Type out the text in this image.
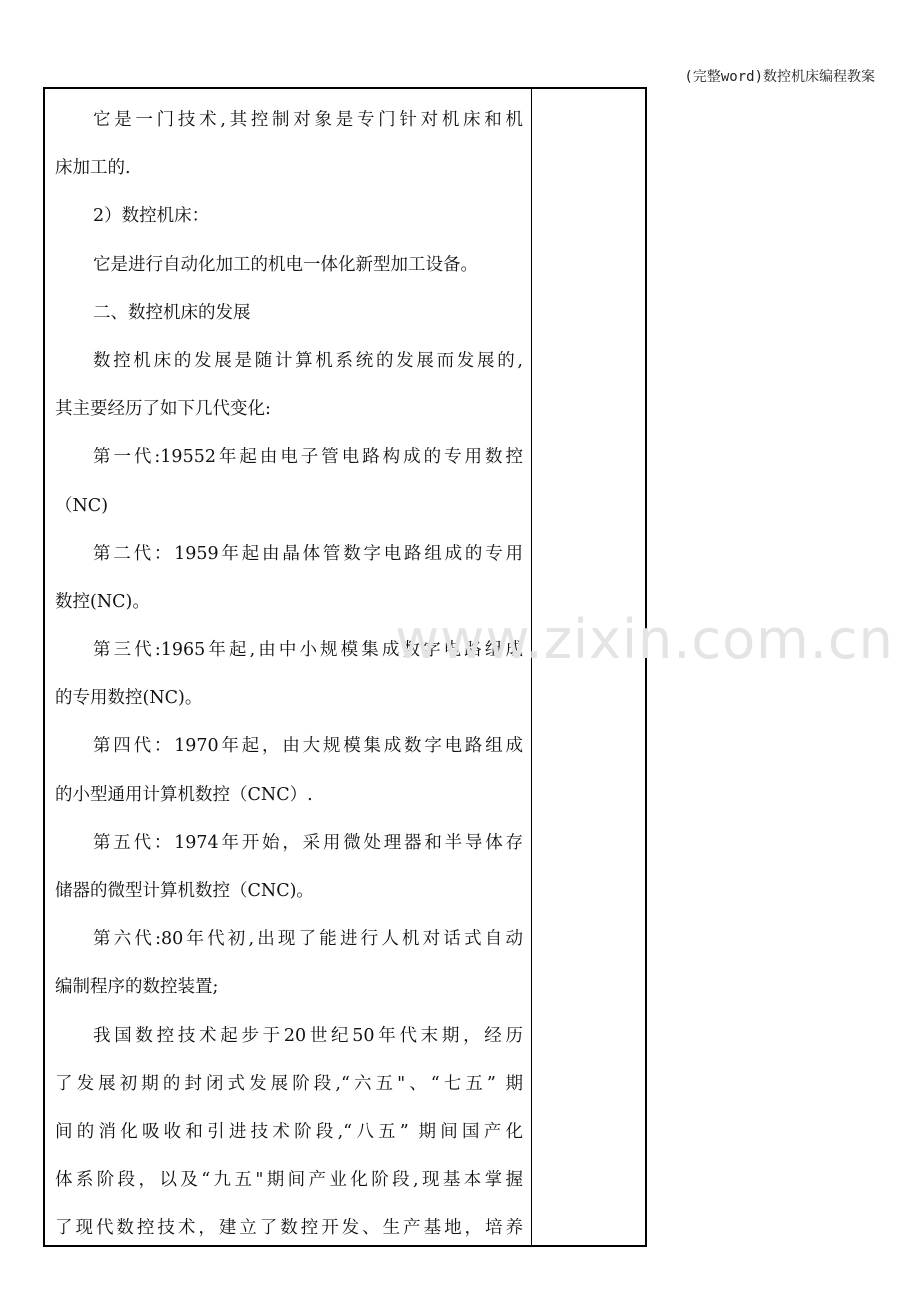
(完整word)数控机床编程教案
它是一门技术,其控制对象是专门针对机床和机
床加工的.
2）数控机床：
它是进行自动化加工的机电一体化新型加工设备。
二、数控机床的发展
数控机床的发展是随计算机系统的发展而发展的,
其主要经历了如下几代变化:
第一代:19552年起由电子管电路构成的专用数控
（NC)
第二代：1959年起由晶体管数字电路组成的专用
数控(NC)。
第三代:1965年起,由中小规模集成数字电路组成
的专用数控(NC)。
第四代：1970年起，由大规模集成数字电路组成
的小型通用计算机数控（CNC）.
第五代：1974年开始，采用微处理器和半导体存
储器的微型计算机数控（CNC)。
第六代:80年代初,出现了能进行人机对话式自动
编制程序的数控装置;
我国数控技术起步于20世纪50年代末期，经历
了发展初期的封闭式发展阶段,“六五"、“七五” 期
间的消化吸收和引进技术阶段,“八五” 期间国产化
体系阶段，以及“九五"期间产业化阶段,现基本掌握
了现代数控技术，建立了数控开发、生产基地，培养
www.zixin.com.cn
